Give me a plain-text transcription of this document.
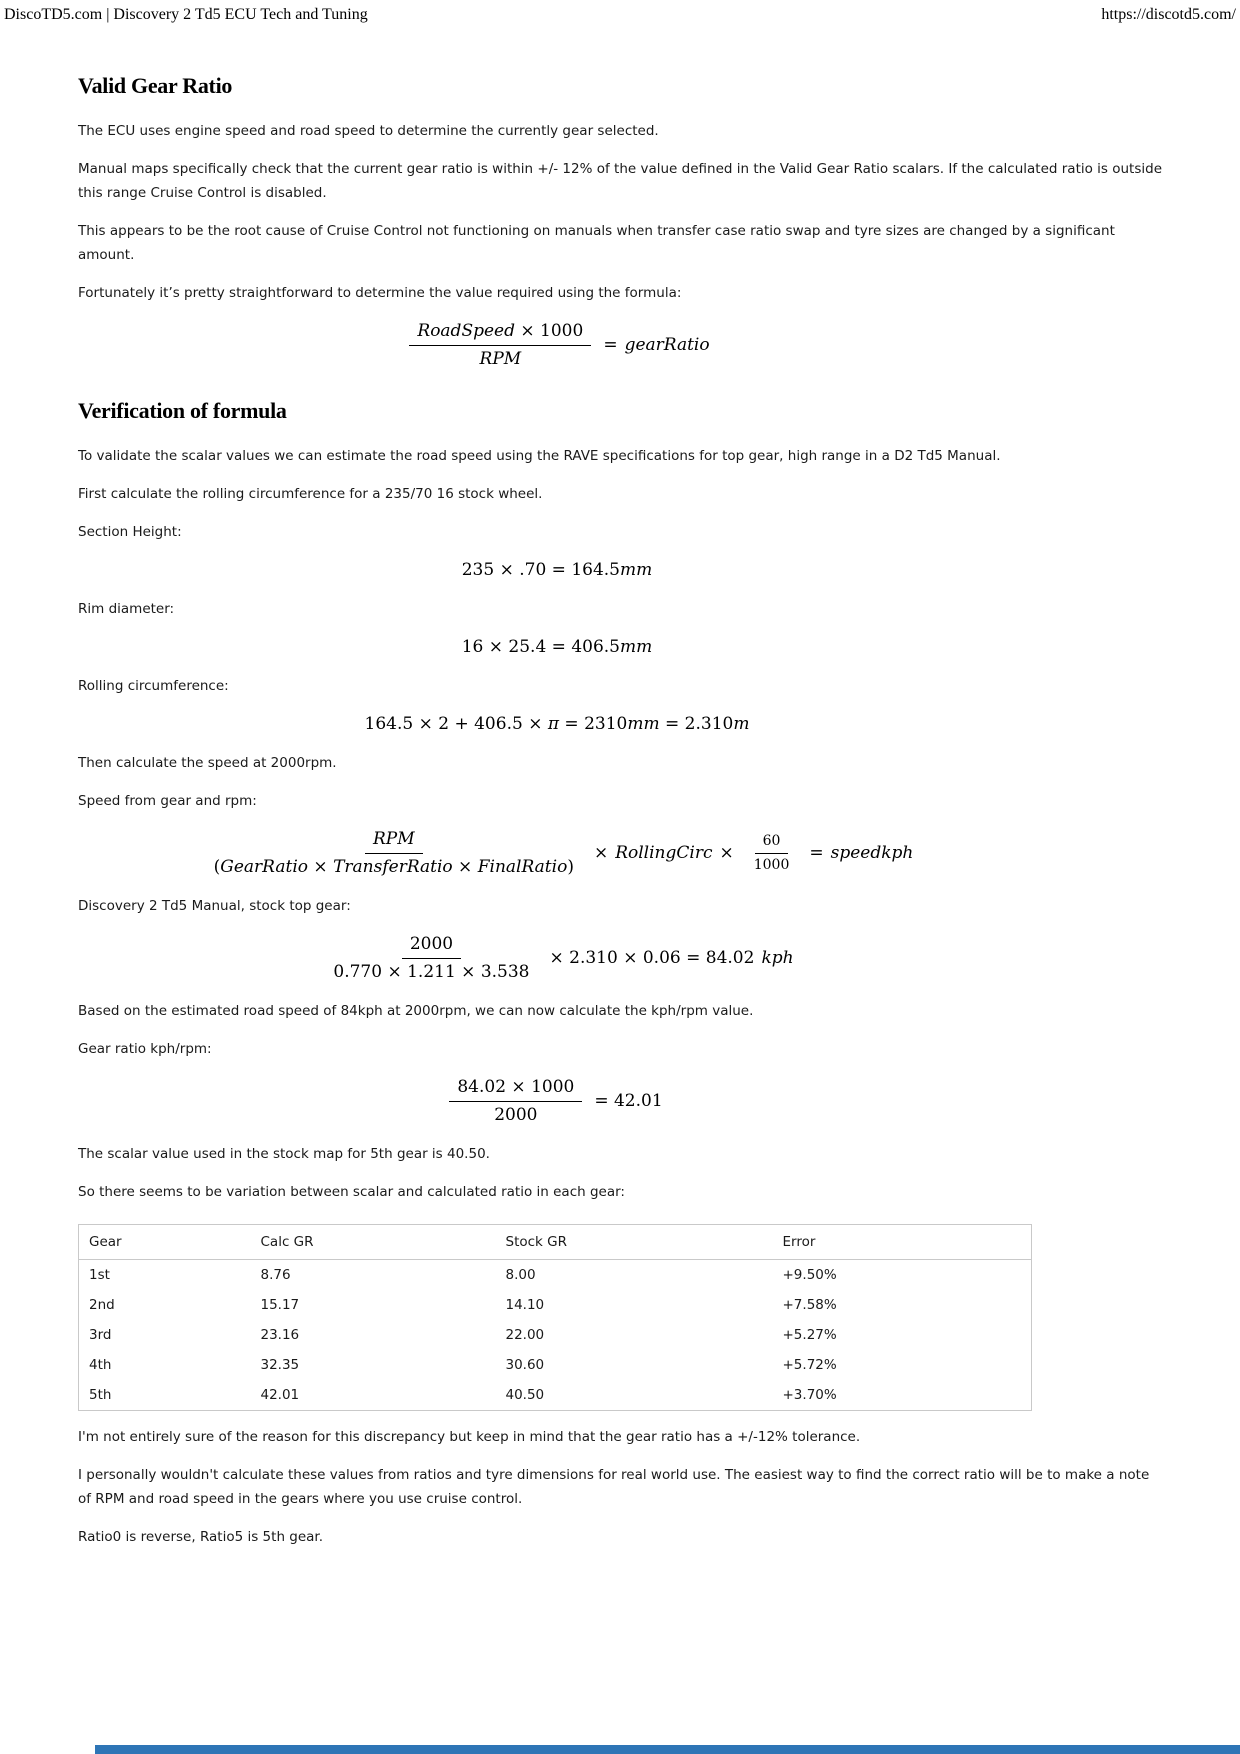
DiscoTD5.com | Discovery 2 Td5 ECU Tech and Tuning	https://discotd5.com/
Valid Gear Ratio

The ECU uses engine speed and road speed to determine the currently gear selected.

Manual maps specifically check that the current gear ratio is within +/- 12% of the value defined in the Valid Gear Ratio scalars. If the calculated ratio is outside this range Cruise Control is disabled.

This appears to be the root cause of Cruise Control not functioning on manuals when transfer case ratio swap and tyre sizes are changed by a significant amount.

Fortunately it’s pretty straightforward to determine the value required using the formula:

$\frac{\text{RoadSpeed × 1000}}{\text{RPM}}$ = gearRatio
Verification of formula

To validate the scalar values we can estimate the road speed using the RAVE specifications for top gear, high range in a D2 Td5 Manual.

First calculate the rolling circumference for a 235/70 16 stock wheel.

Section Height:

235 × .70 = 164.5 mm

Rim diameter:

16 × 25.4 = 406.5 mm

Rolling circumference:

164.5 × 2 + 406.5 × π = 2310 mm = 2.310 m

Then calculate the speed at 2000rpm.

Speed from gear and rpm:

$\frac{\text{RPM}}{\text{(GearRatio × TransferRatio × FinalRatio)}}$ × RollingCirc × $\frac{60}{1000}$ = speedkph

Discovery 2 Td5 Manual, stock top gear:

$\frac{2000}{0.770 \times 1.211 \times 3.538} \times 2.310 \times 0.06 = 84.02$ kph

Based on the estimated road speed of 84kph at 2000rpm, we can now calculate the kph/rpm value.

Gear ratio kph/rpm:

$\frac{84.02 \times 1000}{2000} = 42.01$

The scalar value used in the stock map for 5th gear is 40.50.

So there seems to be variation between scalar and calculated ratio in each gear:

Gear	Calc GR	Stock GR	Error
1st	8.76	8.00	+9.50%
2nd	15.17	14.10	+7.58%
3rd	23.16	22.00	+5.27%
4th	32.35	30.60	+5.72%
5th	42.01	40.50	+3.70%

I'm not entirely sure of the reason for this discrepancy but keep in mind that the gear ratio has a +/-12% tolerance.

I personally wouldn't calculate these values from ratios and tyre dimensions for real world use. The easiest way to find the correct ratio will be to make a note of RPM and road speed in the gears where you use cruise control.

Ratio0 is reverse, Ratio5 is 5th gear.
